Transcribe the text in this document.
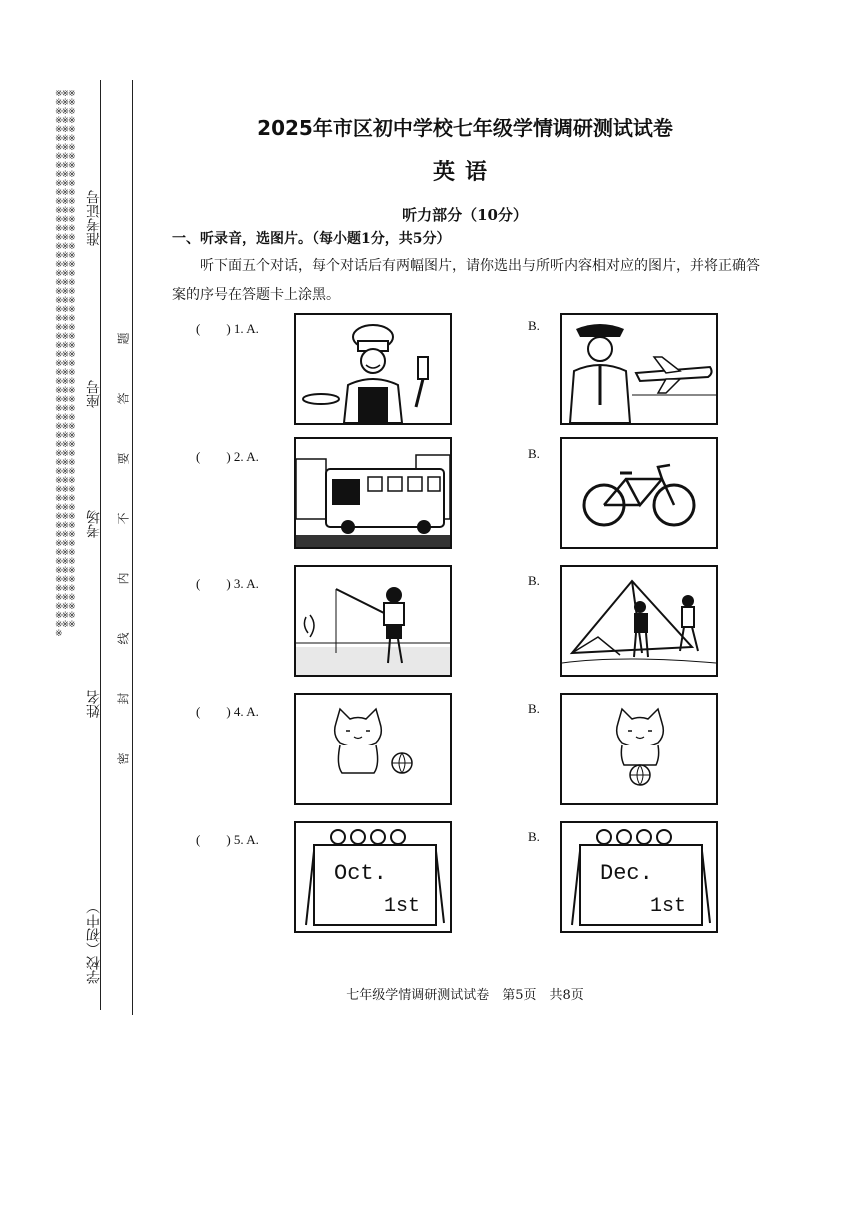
※※※※※※※※※※※※※※※※※※※※※※※※※※※※※※※※※※※※※※※※※※※※※※※※※※※※※※※※※※※※※※※※※※※※※※※※※※※※※※※※※※※※※※※※※※※※※※※※※※※※※※※※※※※※※※※※※※※※※※※※※※※※※※※※※※※※※※※※※※※※※※※※※※※※※※※※※※※※※※※※※※※※※※※※※※※※※※※※※※※※※
准考证号
座号
考场
姓名
学校（初中）
题
答
要
不
内
线
封
密
2025年市区初中学校七年级学情调研测试试卷
英语
听力部分（10分）
一、听录音，选图片。（每小题1分，共5分）
听下面五个对话，每个对话后有两幅图片，请你选出与所听内容相对应的图片，并将正确答案的序号在答题卡上涂黑。
(　　) 1. A.	B.
(　　) 2. A.	B.
(　　) 3. A.	B.
(　　) 4. A.	B.
(　　) 5. A.
Oct.
1st
B.
Dec.
1st
七年级学情调研测试试卷　第5页　共8页
